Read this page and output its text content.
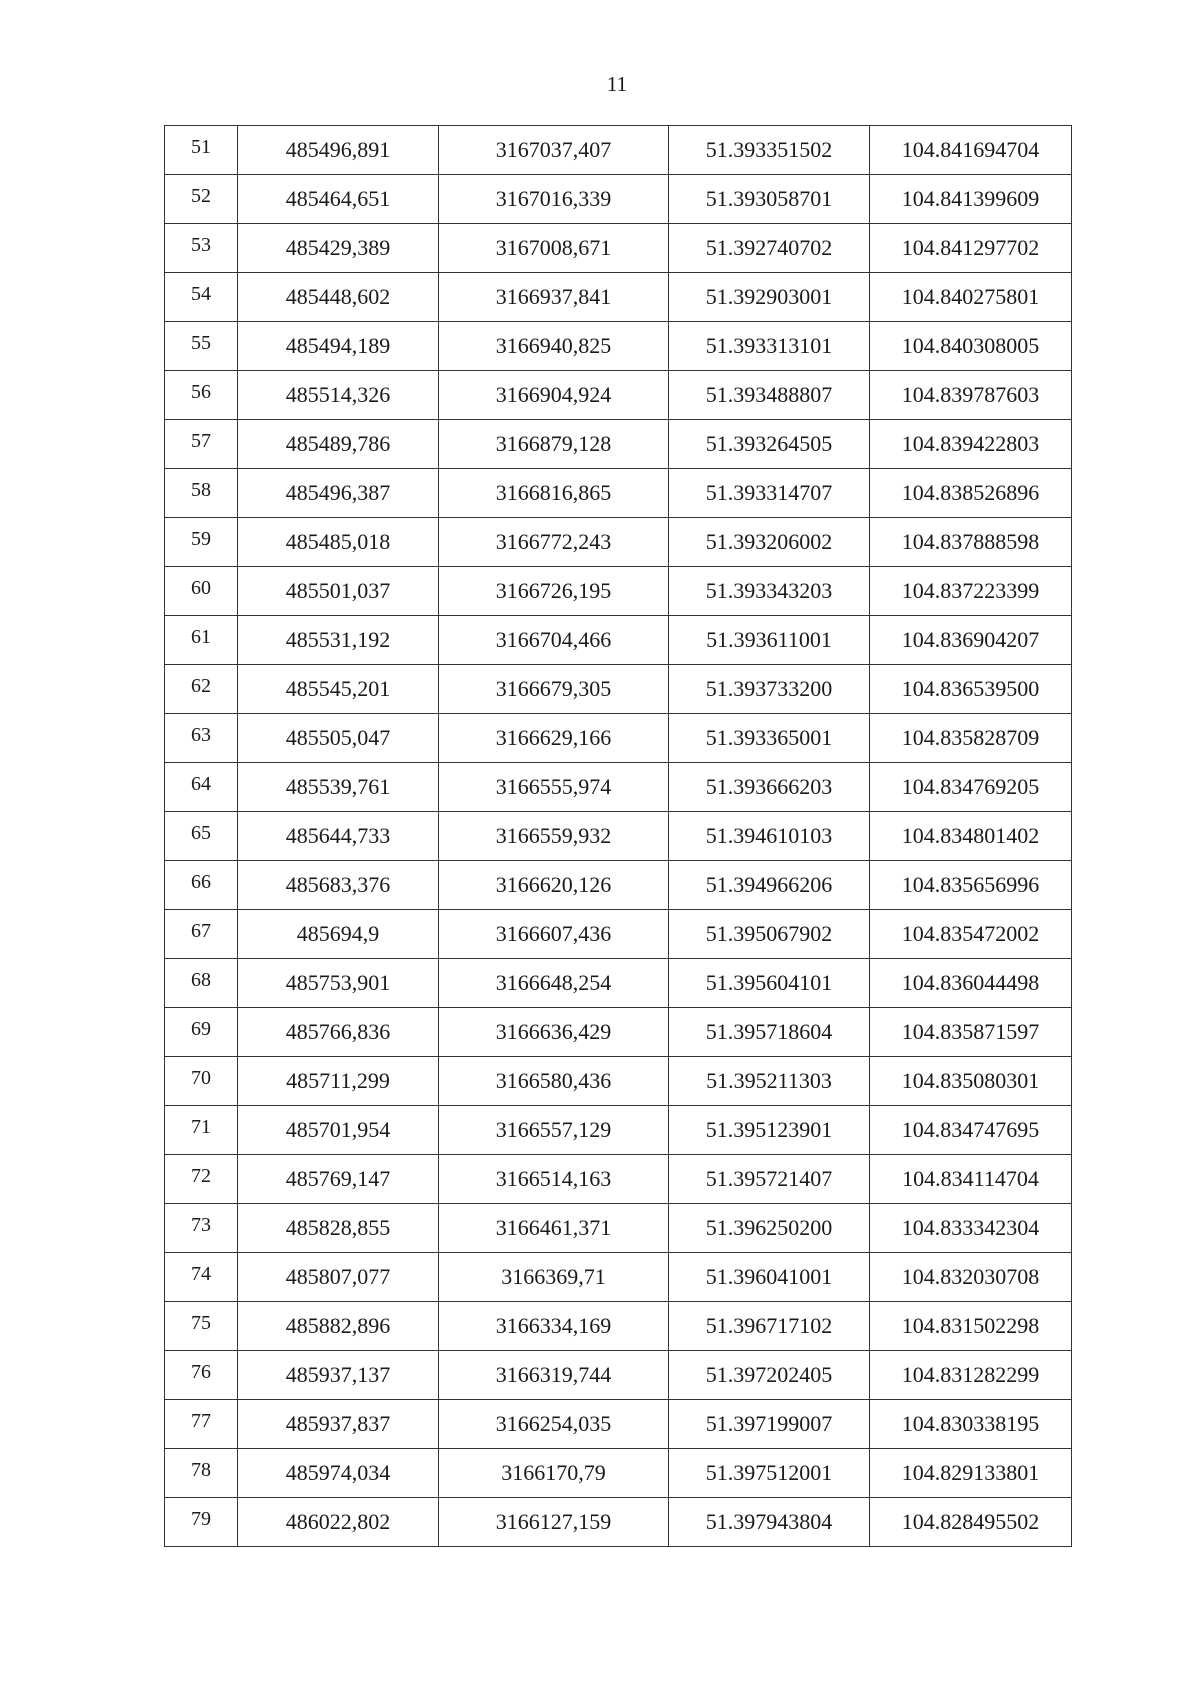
11
51	485496,891	3167037,407	51.393351502	104.841694704
52	485464,651	3167016,339	51.393058701	104.841399609
53	485429,389	3167008,671	51.392740702	104.841297702
54	485448,602	3166937,841	51.392903001	104.840275801
55	485494,189	3166940,825	51.393313101	104.840308005
56	485514,326	3166904,924	51.393488807	104.839787603
57	485489,786	3166879,128	51.393264505	104.839422803
58	485496,387	3166816,865	51.393314707	104.838526896
59	485485,018	3166772,243	51.393206002	104.837888598
60	485501,037	3166726,195	51.393343203	104.837223399
61	485531,192	3166704,466	51.393611001	104.836904207
62	485545,201	3166679,305	51.393733200	104.836539500
63	485505,047	3166629,166	51.393365001	104.835828709
64	485539,761	3166555,974	51.393666203	104.834769205
65	485644,733	3166559,932	51.394610103	104.834801402
66	485683,376	3166620,126	51.394966206	104.835656996
67	485694,9	3166607,436	51.395067902	104.835472002
68	485753,901	3166648,254	51.395604101	104.836044498
69	485766,836	3166636,429	51.395718604	104.835871597
70	485711,299	3166580,436	51.395211303	104.835080301
71	485701,954	3166557,129	51.395123901	104.834747695
72	485769,147	3166514,163	51.395721407	104.834114704
73	485828,855	3166461,371	51.396250200	104.833342304
74	485807,077	3166369,71	51.396041001	104.832030708
75	485882,896	3166334,169	51.396717102	104.831502298
76	485937,137	3166319,744	51.397202405	104.831282299
77	485937,837	3166254,035	51.397199007	104.830338195
78	485974,034	3166170,79	51.397512001	104.829133801
79	486022,802	3166127,159	51.397943804	104.828495502
